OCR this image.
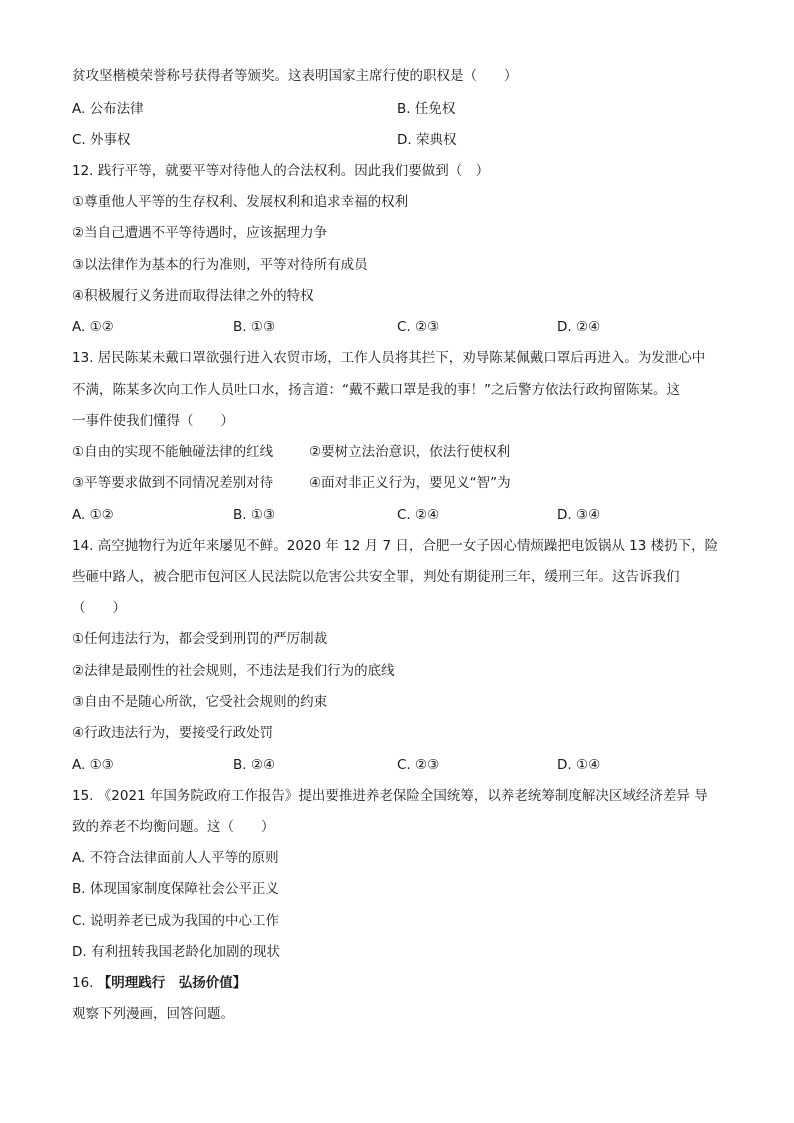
贫攻坚楷模荣誉称号获得者等颁奖。这表明国家主席行使的职权是（　　）
A. 公布法律	B. 任免权
C. 外事权	D. 荣典权
12. 践行平等，就要平等对待他人的合法权利。因此我们要做到（　）
①尊重他人平等的生存权利、发展权利和追求幸福的权利
②当自己遭遇不平等待遇时，应该据理力争
③以法律作为基本的行为准则，平等对待所有成员
④积极履行义务进而取得法律之外的特权
A. ①②	B. ①③	C. ②③	D. ②④
13. 居民陈某未戴口罩欲强行进入农贸市场，工作人员将其拦下，劝导陈某佩戴口罩后再进入。为发泄心中
不满，陈某多次向工作人员吐口水，扬言道：“戴不戴口罩是我的事！”之后警方依法行政拘留陈某。这
一事件使我们懂得（　　）
①自由的实现不能触碰法律的红线	②要树立法治意识，依法行使权利
③平等要求做到不同情况差别对待	④面对非正义行为，要见义“智”为
A. ①②	B. ①③	C. ②④	D. ③④
14. 高空抛物行为近年来屡见不鲜。2020 年 12 月 7 日，合肥一女子因心情烦躁把电饭锅从 13 楼扔下，险
些砸中路人，被合肥市包河区人民法院以危害公共安全罪，判处有期徒刑三年，缓刑三年。这告诉我们
（　　）
①任何违法行为，都会受到刑罚的严厉制裁
②法律是最刚性的社会规则，不违法是我们行为的底线
③自由不是随心所欲，它受社会规则的约束
④行政违法行为，要接受行政处罚
A. ①③	B. ②④	C. ②③	D. ①④
15. 《2021 年国务院政府工作报告》提出要推进养老保险全国统筹，以养老统筹制度解决区域经济差异 导
致的养老不均衡问题。这（　　）
A. 不符合法律面前人人平等的原则
B. 体现国家制度保障社会公平正义
C. 说明养老已成为我国的中心工作
D. 有利扭转我国老龄化加剧的现状
16. 【明理践行　弘扬价值】
观察下列漫画，回答问题。
